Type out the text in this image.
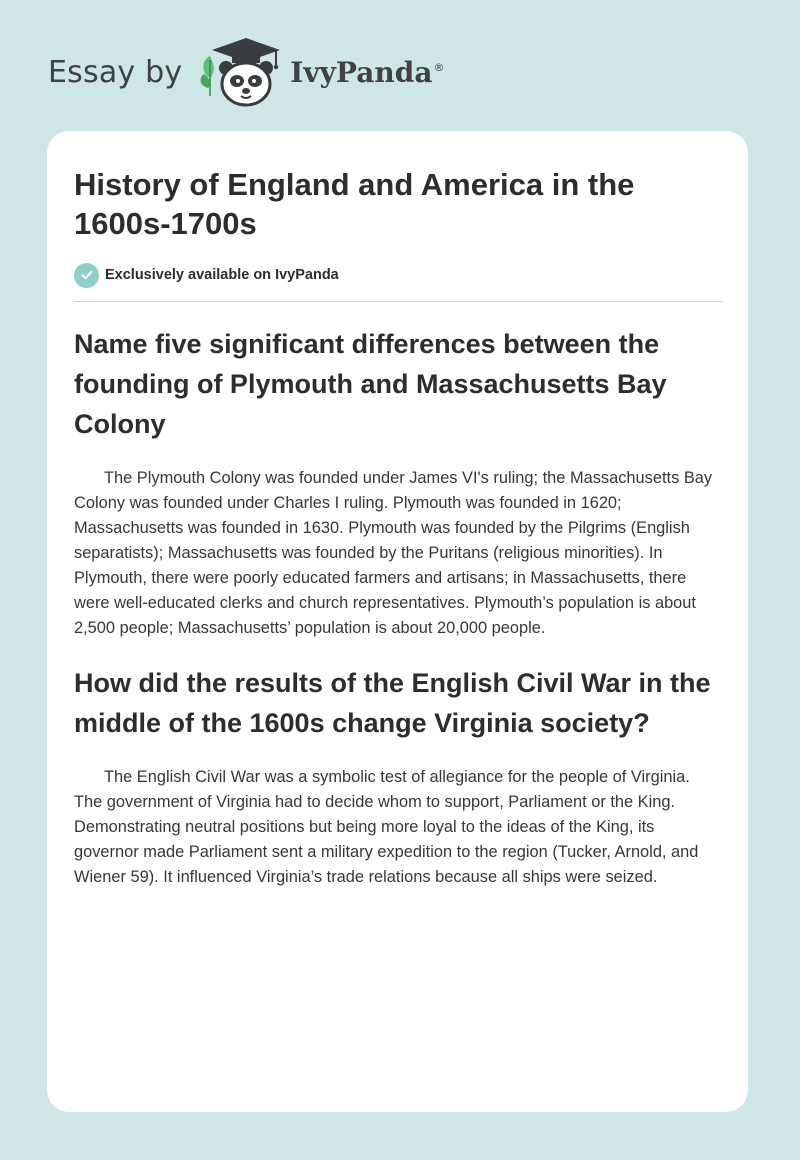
Essay by	IvyPanda®
History of England and America in the 1600s-1700s
Exclusively available on IvyPanda
Name five significant differences between the founding of Plymouth and Massachusetts Bay Colony

The Plymouth Colony was founded under James VI's ruling; the Massachusetts Bay Colony was founded under Charles I ruling. Plymouth was founded in 1620; Massachusetts was founded in 1630. Plymouth was founded by the Pilgrims (English separatists); Massachusetts was founded by the Puritans (religious minorities). In Plymouth, there were poorly educated farmers and artisans; in Massachusetts, there were well-educated clerks and church representatives. Plymouth’s population is about 2,500 people; Massachusetts’ population is about 20,000 people.

How did the results of the English Civil War in the middle of the 1600s change Virginia society?

The English Civil War was a symbolic test of allegiance for the people of Virginia. The government of Virginia had to decide whom to support, Parliament or the King. Demonstrating neutral positions but being more loyal to the ideas of the King, its governor made Parliament sent a military expedition to the region (Tucker, Arnold, and Wiener 59). It influenced Virginia’s trade relations because all ships were seized.
